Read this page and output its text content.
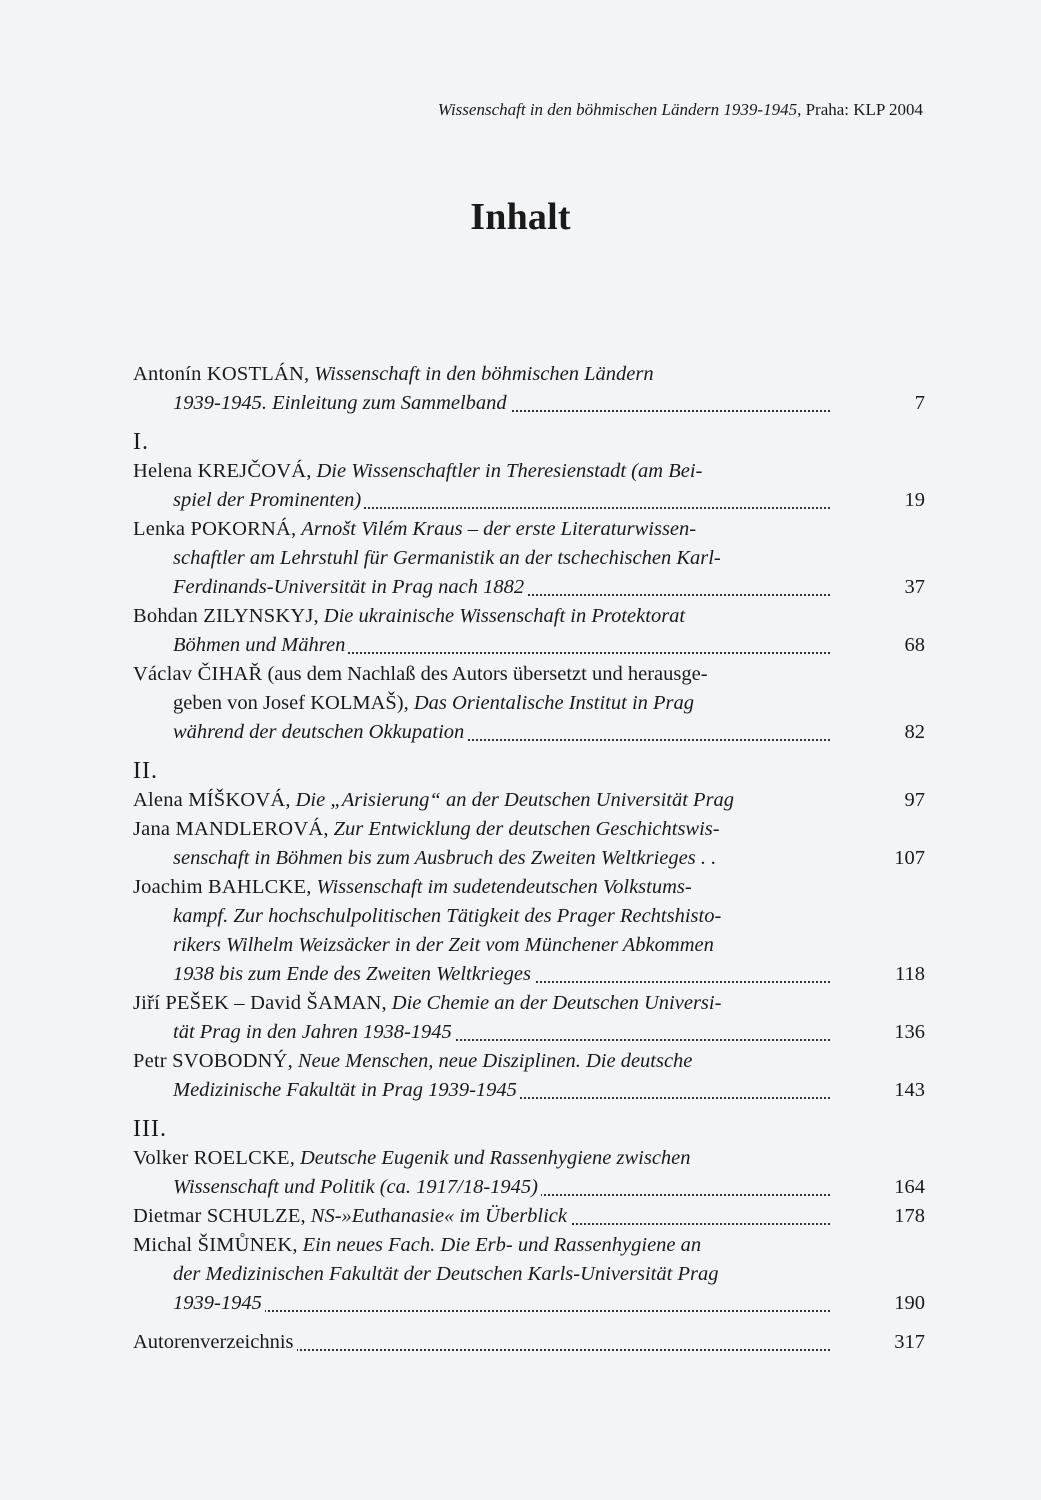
Wissenschaft in den böhmischen Ländern 1939-1945, Praha: KLP 2004
Inhalt
Antonín KOSTLÁN, Wissenschaft in den böhmischen Ländern
1939-1945. Einleitung zum Sammelband	7
I.
Helena KREJČOVÁ, Die Wissenschaftler in Theresienstadt (am Bei-
spiel der Prominenten)	19
Lenka POKORNÁ, Arnošt Vilém Kraus – der erste Literaturwissen-
schaftler am Lehrstuhl für Germanistik an der tschechischen Karl-
Ferdinands-Universität in Prag nach 1882	37
Bohdan ZILYNSKYJ, Die ukrainische Wissenschaft in Protektorat
Böhmen und Mähren	68
Václav ČIHAŘ (aus dem Nachlaß des Autors übersetzt und herausge-
geben von Josef KOLMAŠ), Das Orientalische Institut in Prag
während der deutschen Okkupation	82
II.
Alena MÍŠKOVÁ, Die „Arisierung“ an der Deutschen Universität Prag	97
Jana MANDLEROVÁ, Zur Entwicklung der deutschen Geschichtswis-
senschaft in Böhmen bis zum Ausbruch des Zweiten Weltkrieges . .	107
Joachim BAHLCKE, Wissenschaft im sudetendeutschen Volkstums-
kampf. Zur hochschulpolitischen Tätigkeit des Prager Rechtshisto-
rikers Wilhelm Weizsäcker in der Zeit vom Münchener Abkommen
1938 bis zum Ende des Zweiten Weltkrieges	118
Jiří PEŠEK – David ŠAMAN, Die Chemie an der Deutschen Universi-
tät Prag in den Jahren 1938-1945	136
Petr SVOBODNÝ, Neue Menschen, neue Disziplinen. Die deutsche
Medizinische Fakultät in Prag 1939-1945	143
III.
Volker ROELCKE, Deutsche Eugenik und Rassenhygiene zwischen
Wissenschaft und Politik (ca. 1917/18-1945)	164
Dietmar SCHULZE, NS-»Euthanasie« im Überblick	178
Michal ŠIMŮNEK, Ein neues Fach. Die Erb- und Rassenhygiene an
der Medizinischen Fakultät der Deutschen Karls-Universität Prag
1939-1945	190
Autorenverzeichnis	317
